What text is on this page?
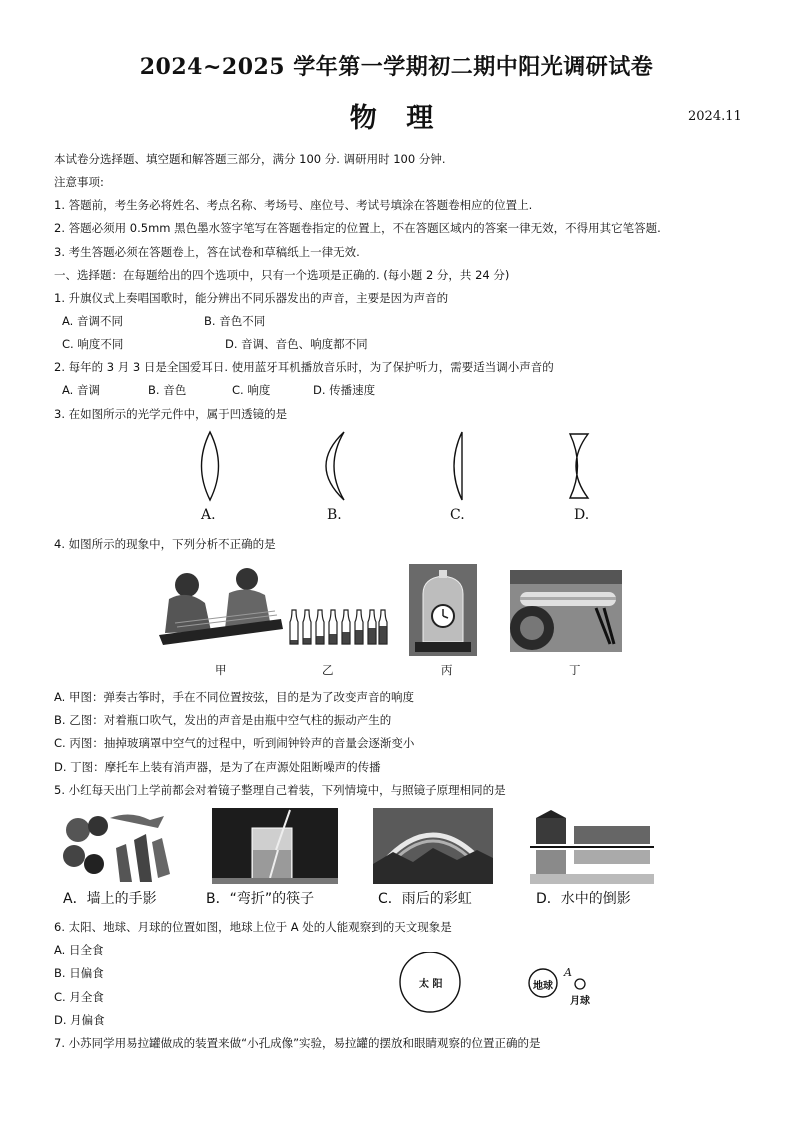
2024~2025 学年第一学期初二期中阳光调研试卷
物 理	2024.11
本试卷分选择题、填空题和解答题三部分，满分 100 分. 调研用时 100 分钟.
注意事项:
1. 答题前，考生务必将姓名、考点名称、考场号、座位号、考试号填涂在答题卷相应的位置上.
2. 答题必须用 0.5mm 黑色墨水签字笔写在答题卷指定的位置上，不在答题区域内的答案一律无效，不得用其它笔答题.
3. 考生答题必须在答题卷上，答在试卷和草稿纸上一律无效.
一、选择题：在每题给出的四个选项中，只有一个选项是正确的. (每小题 2 分，共 24 分)
1. 升旗仪式上奏唱国歌时，能分辨出不同乐器发出的声音，主要是因为声音的
A. 音调不同	B. 音色不同
C. 响度不同	D. 音调、音色、响度都不同
2. 每年的 3 月 3 日是全国爱耳日. 使用蓝牙耳机播放音乐时，为了保护听力，需要适当调小声音的
A. 音调	B. 音色	C. 响度	D. 传播速度
3. 在如图所示的光学元件中，属于凹透镜的是
A.	B.	C.	D.
4. 如图所示的现象中，下列分析不正确的是
甲	乙	丙	丁
A. 甲图：弹奏古筝时，手在不同位置按弦，目的是为了改变声音的响度
B. 乙图：对着瓶口吹气，发出的声音是由瓶中空气柱的振动产生的
C. 丙图：抽掉玻璃罩中空气的过程中，听到闹钟铃声的音量会逐渐变小
D. 丁图：摩托车上装有消声器，是为了在声源处阻断噪声的传播
5. 小红每天出门上学前都会对着镜子整理自己着装，下列情境中，与照镜子原理相同的是
A．墙上的手影	B．“弯折”的筷子	C．雨后的彩虹	D．水中的倒影
6. 太阳、地球、月球的位置如图，地球上位于 A 处的人能观察到的天文现象是
A. 日全食
B. 日偏食
C. 月全食
D. 月偏食
太 阳	地球
A
月球
7. 小苏同学用易拉罐做成的装置来做“小孔成像”实验，易拉罐的摆放和眼睛观察的位置正确的是
